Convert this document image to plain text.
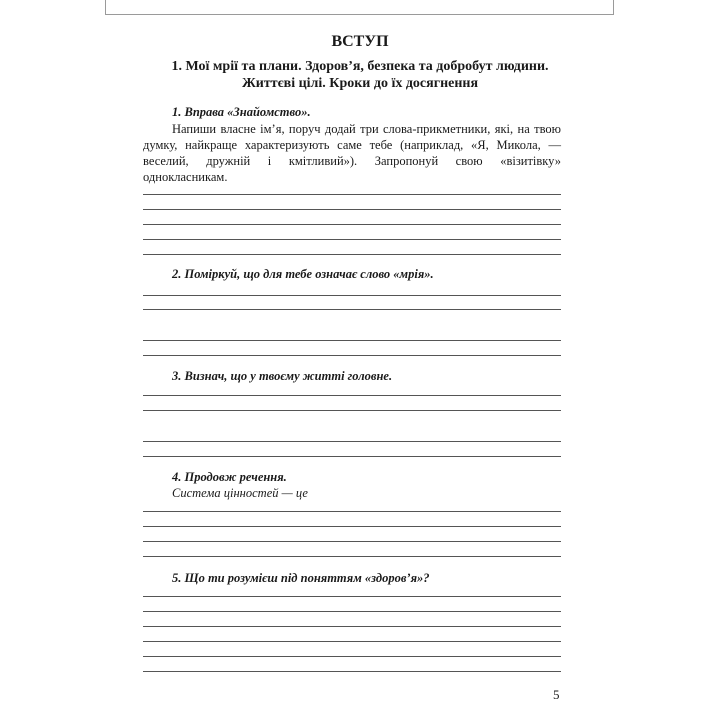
ВСТУП
1. Мої мрії та плани. Здоров’я, безпека та добробут людини.
Життєві цілі. Кроки до їх досягнення
1. Вправа «Знайомство».
Напиши власне ім’я, поруч додай три слова-прикметники, які, на твою думку, найкраще характеризують саме тебе (наприклад, «Я, Микола, — веселий, дружній і кмітливий»). Запропонуй свою «візитівку» однокласникам.
2. Поміркуй, що для тебе означає слово «мрія».
3. Визнач, що у твоєму житті головне.
4. Продовж речення.
Система цінностей — це
5. Що ти розумієш під поняттям «здоров’я»?
5
